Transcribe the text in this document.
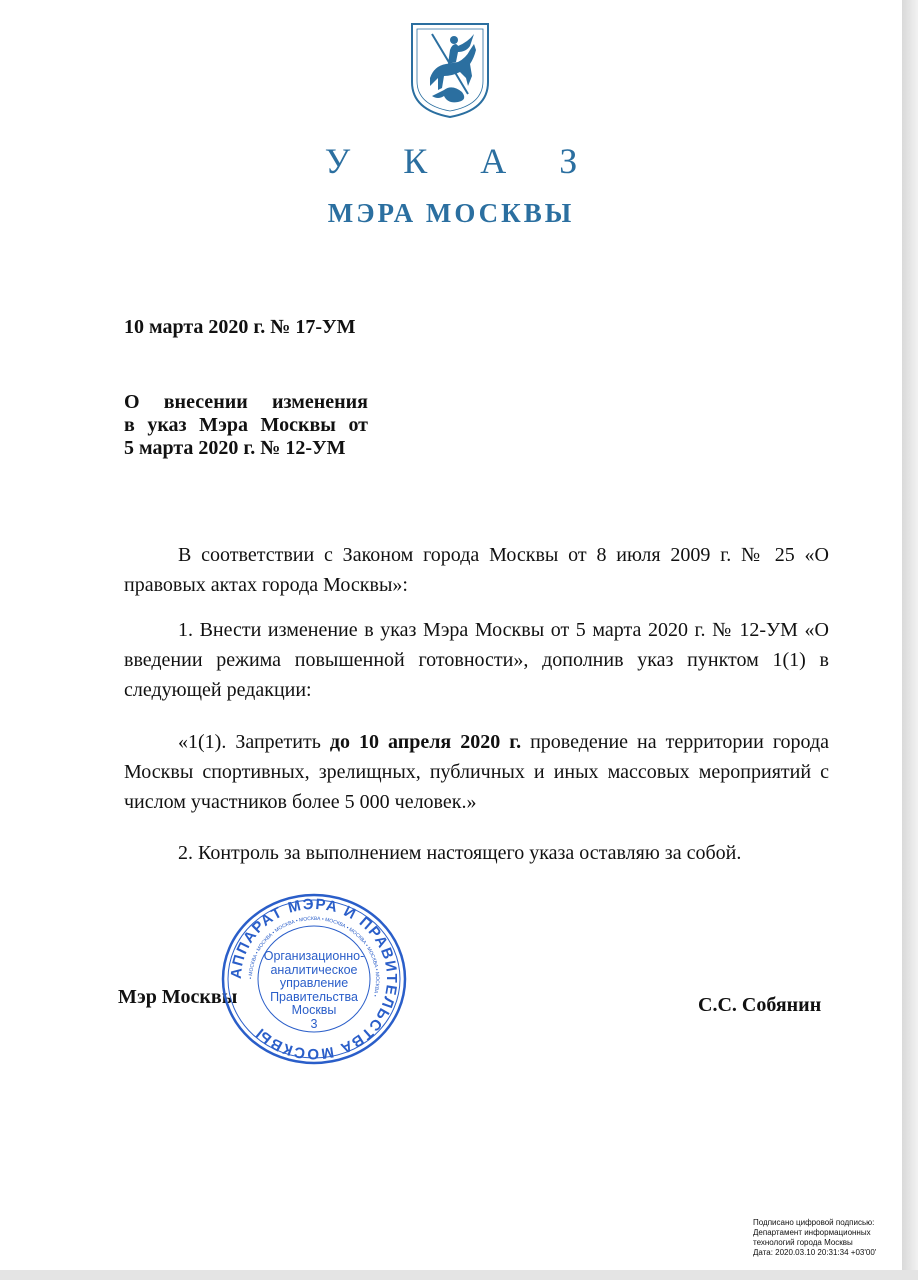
У К А З
МЭРА МОСКВЫ
10 марта 2020 г. № 17-УМ
О внесении изменения
в указ Мэра Москвы от
5 марта 2020 г. № 12-УМ

В соответствии с Законом города Москвы от 8 июля 2009 г. № 25 «О правовых актах города Москвы»:

1. Внести изменение в указ Мэра Москвы от 5 марта 2020 г. № 12-УМ «О введении режима повышенной готовности», дополнив указ пунктом 1(1) в следующей редакции:

«1(1). Запретить до 10 апреля 2020 г. проведение на территории города Москвы спортивных, зрелищных, публичных и иных массовых мероприятий с числом участников более 5 000 человек.»

2. Контроль за выполнением настоящего указа оставляю за собой.

Мэр Москвы	С.С. Собянин
АППАРАТ МЭРА И ПРАВИТЕЛЬСТВА МОСКВЫ
• МОСКВА • МОСКВА • МОСКВА • МОСКВА • МОСКВА • МОСКВА • МОСКВА • МОСКВА •
Организационно-
аналитическое
управление
Правительства
Москвы
3
Подписано цифровой подписью:
Департамент информационных
технологий города Москвы
Дата: 2020.03.10 20:31:34 +03'00'
